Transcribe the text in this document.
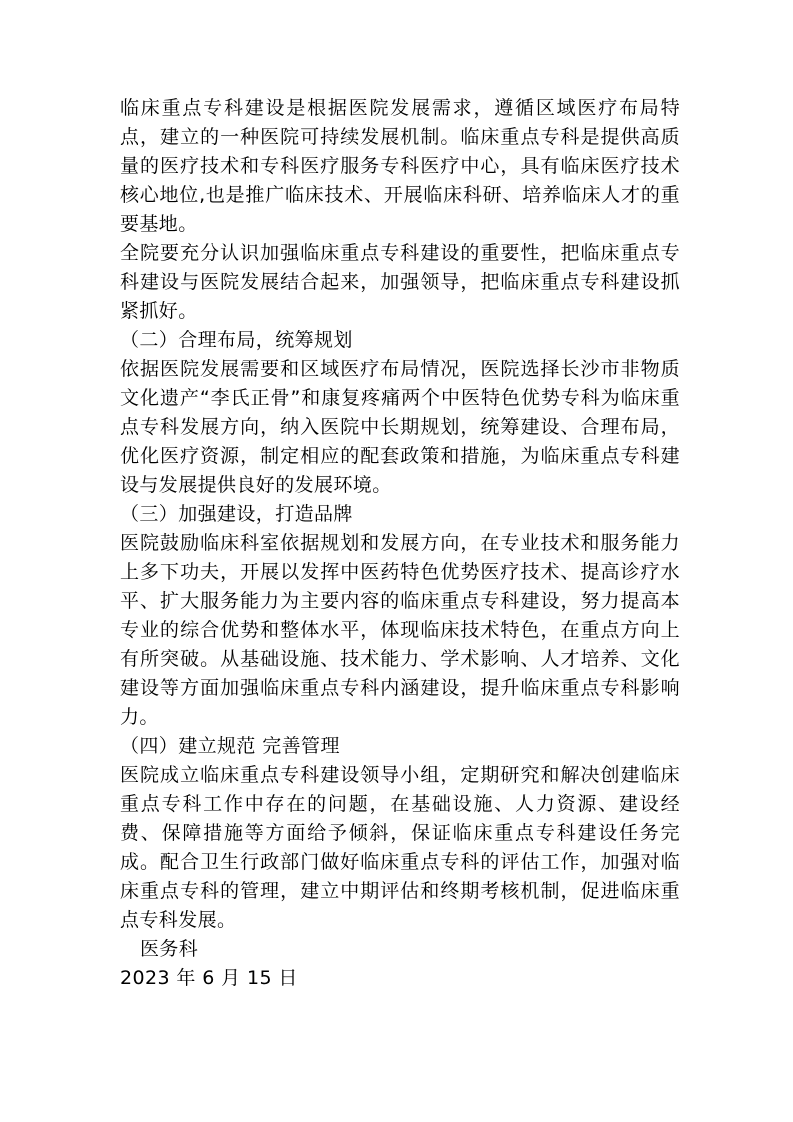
临床重点专科建设是根据医院发展需求，遵循区域医疗布局特点，建立的一种医院可持续发展机制。临床重点专科是提供高质量的医疗技术和专科医疗服务专科医疗中心，具有临床医疗技术核心地位,也是推广临床技术、开展临床科研、培养临床人才的重要基地。

全院要充分认识加强临床重点专科建设的重要性，把临床重点专科建设与医院发展结合起来，加强领导，把临床重点专科建设抓紧抓好。

（二）合理布局，统筹规划

依据医院发展需要和区域医疗布局情况，医院选择长沙市非物质文化遗产“李氏正骨”和康复疼痛两个中医特色优势专科为临床重点专科发展方向，纳入医院中长期规划，统筹建设、合理布局，优化医疗资源，制定相应的配套政策和措施，为临床重点专科建设与发展提供良好的发展环境。

（三）加强建设，打造品牌

医院鼓励临床科室依据规划和发展方向，在专业技术和服务能力上多下功夫，开展以发挥中医药特色优势医疗技术、提高诊疗水平、扩大服务能力为主要内容的临床重点专科建设，努力提高本专业的综合优势和整体水平，体现临床技术特色，在重点方向上有所突破。从基础设施、技术能力、学术影响、人才培养、文化建设等方面加强临床重点专科内涵建设，提升临床重点专科影响力。

（四）建立规范 完善管理

医院成立临床重点专科建设领导小组，定期研究和解决创建临床重点专科工作中存在的问题，在基础设施、人力资源、建设经费、保障措施等方面给予倾斜，保证临床重点专科建设任务完成。配合卫生行政部门做好临床重点专科的评估工作，加强对临床重点专科的管理，建立中期评估和终期考核机制，促进临床重点专科发展。

医务科

2023 年 6 月 15 日
